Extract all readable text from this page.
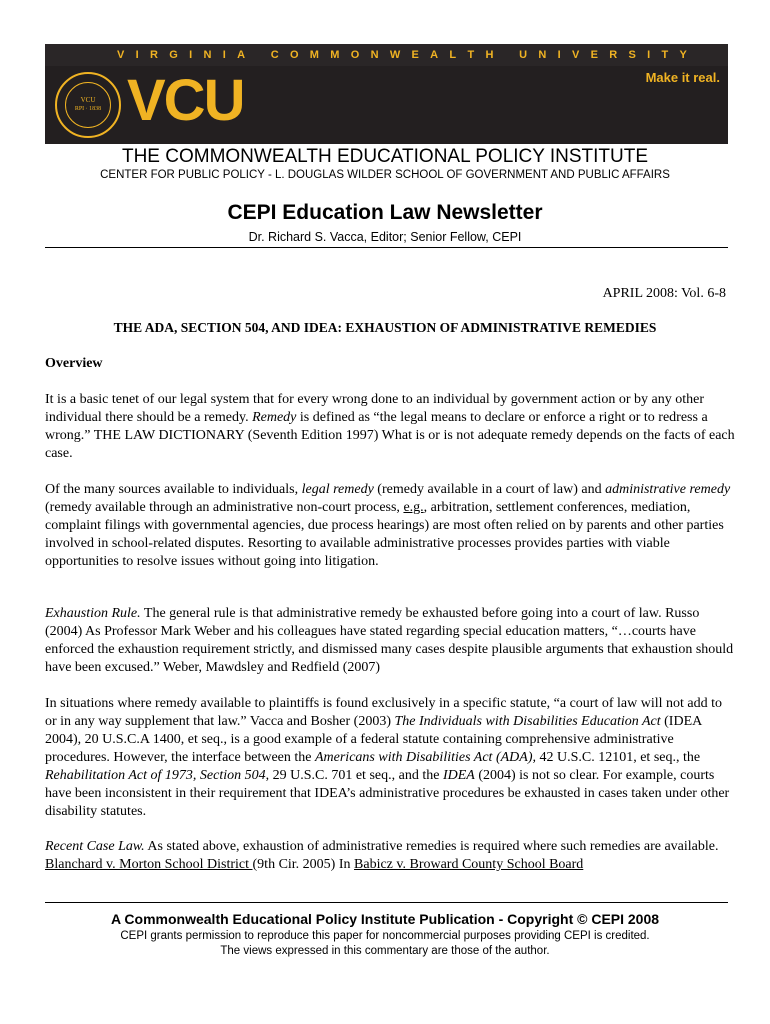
V I R G I N I A
C O M M O N W E A L T H
U N I V E R S I T Y
VCU
RPI · 1838 VCU	Make it real.
THE COMMONWEALTH EDUCATIONAL POLICY INSTITUTE
CENTER FOR PUBLIC POLICY - L. DOUGLAS WILDER SCHOOL OF GOVERNMENT AND PUBLIC AFFAIRS
CEPI Education Law Newsletter
Dr. Richard S. Vacca, Editor; Senior Fellow, CEPI
APRIL 2008: Vol. 6-8
THE ADA, SECTION 504, AND IDEA: EXHAUSTION OF ADMINISTRATIVE REMEDIES
Overview

It is a basic tenet of our legal system that for every wrong done to an individual by government action or by any other individual there should be a remedy. Remedy is defined as “the legal means to declare or enforce a right or to redress a wrong.” THE LAW DICTIONARY (Seventh Edition 1997) What is or is not adequate remedy depends on the facts of each case.

Of the many sources available to individuals, legal remedy (remedy available in a court of law) and administrative remedy (remedy available through an administrative non-court process, e.g., arbitration, settlement conferences, mediation, complaint filings with governmental agencies, due process hearings) are most often relied on by parents and other parties involved in school-related disputes. Resorting to available administrative processes provides parties with viable opportunities to resolve issues without going into litigation.

Exhaustion Rule. The general rule is that administrative remedy be exhausted before going into a court of law. Russo (2004) As Professor Mark Weber and his colleagues have stated regarding special education matters, “…courts have enforced the exhaustion requirement strictly, and dismissed many cases despite plausible arguments that exhaustion should have been excused.” Weber, Mawdsley and Redfield (2007)

In situations where remedy available to plaintiffs is found exclusively in a specific statute, “a court of law will not add to or in any way supplement that law.” Vacca and Bosher (2003) The Individuals with Disabilities Education Act (IDEA 2004), 20 U.S.C.A 1400, et seq., is a good example of a federal statute containing comprehensive administrative procedures. However, the interface between the Americans with Disabilities Act (ADA), 42 U.S.C. 12101, et seq., the Rehabilitation Act of 1973, Section 504, 29 U.S.C. 701 et seq., and the IDEA (2004) is not so clear. For example, courts have been inconsistent in their requirement that IDEA’s administrative procedures be exhausted in cases taken under other disability statutes.

Recent Case Law. As stated above, exhaustion of administrative remedies is required where such remedies are available. Blanchard v. Morton School District (9th Cir. 2005) In Babicz v. Broward County School Board

A Commonwealth Educational Policy Institute Publication - Copyright © CEPI 2008
CEPI grants permission to reproduce this paper for noncommercial purposes providing CEPI is credited.
The views expressed in this commentary are those of the author.
